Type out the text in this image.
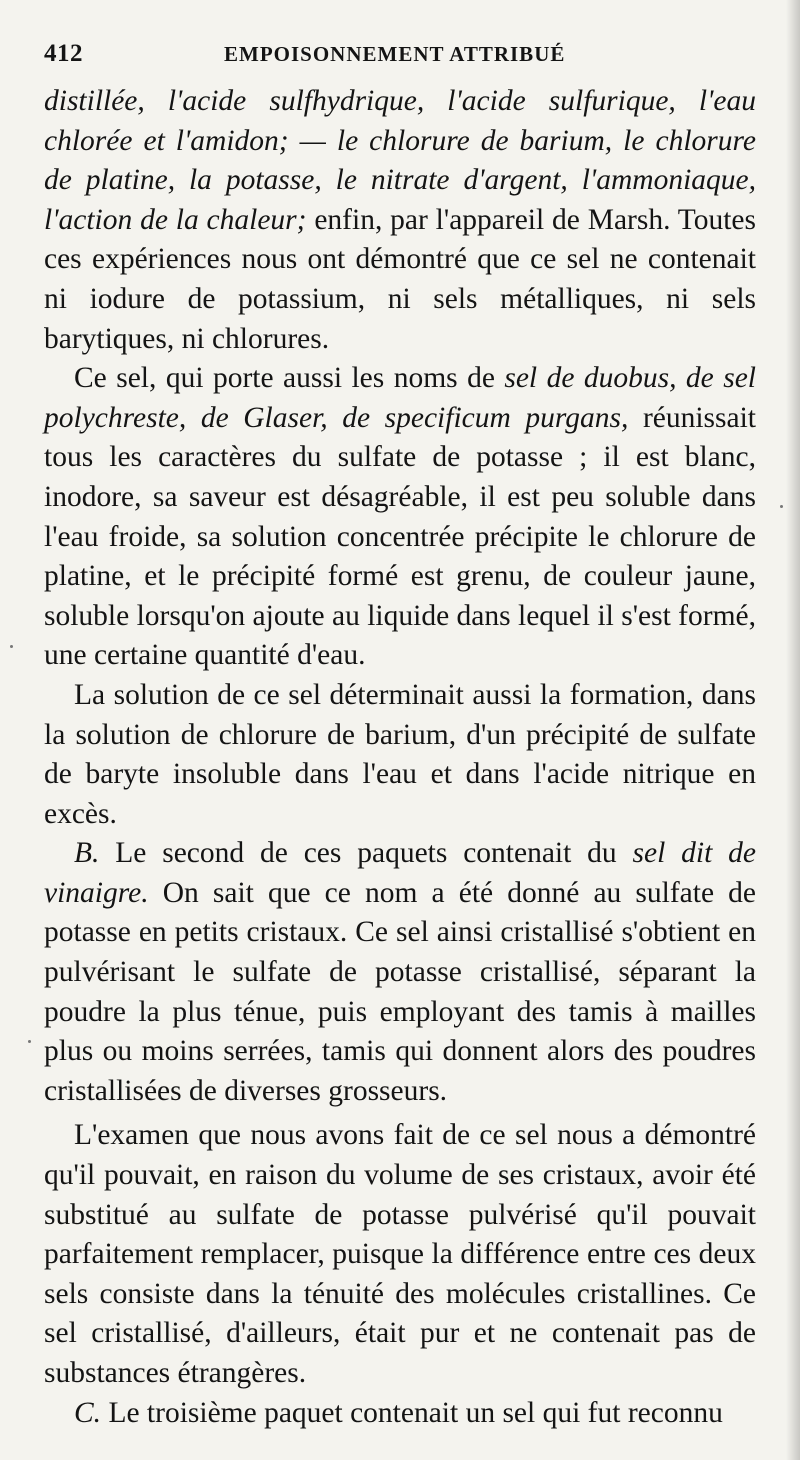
412	EMPOISONNEMENT ATTRIBUÉ

distillée, l'acide sulfhydrique, l'acide sulfurique, l'eau chlorée et l'amidon; — le chlorure de barium, le chlorure de platine, la potasse, le nitrate d'argent, l'ammoniaque, l'action de la chaleur; enfin, par l'appareil de Marsh. Toutes ces expériences nous ont démontré que ce sel ne contenait ni iodure de potassium, ni sels métalliques, ni sels barytiques, ni chlorures.

Ce sel, qui porte aussi les noms de sel de duobus, de sel polychreste, de Glaser, de specificum purgans, réunissait tous les caractères du sulfate de potasse ; il est blanc, inodore, sa saveur est désagréable, il est peu soluble dans l'eau froide, sa solution concentrée précipite le chlorure de platine, et le précipité formé est grenu, de couleur jaune, soluble lorsqu'on ajoute au liquide dans lequel il s'est formé, une certaine quantité d'eau.

La solution de ce sel déterminait aussi la formation, dans la solution de chlorure de barium, d'un précipité de sulfate de baryte insoluble dans l'eau et dans l'acide nitrique en excès.

B. Le second de ces paquets contenait du sel dit de vinaigre. On sait que ce nom a été donné au sulfate de potasse en petits cristaux. Ce sel ainsi cristallisé s'obtient en pulvérisant le sulfate de potasse cristallisé, séparant la poudre la plus ténue, puis employant des tamis à mailles plus ou moins serrées, tamis qui donnent alors des poudres cristallisées de diverses grosseurs.

L'examen que nous avons fait de ce sel nous a démontré qu'il pouvait, en raison du volume de ses cristaux, avoir été substitué au sulfate de potasse pulvérisé qu'il pouvait parfaitement remplacer, puisque la différence entre ces deux sels consiste dans la ténuité des molécules cristallines. Ce sel cristallisé, d'ailleurs, était pur et ne contenait pas de substances étrangères.

C. Le troisième paquet contenait un sel qui fut reconnu
